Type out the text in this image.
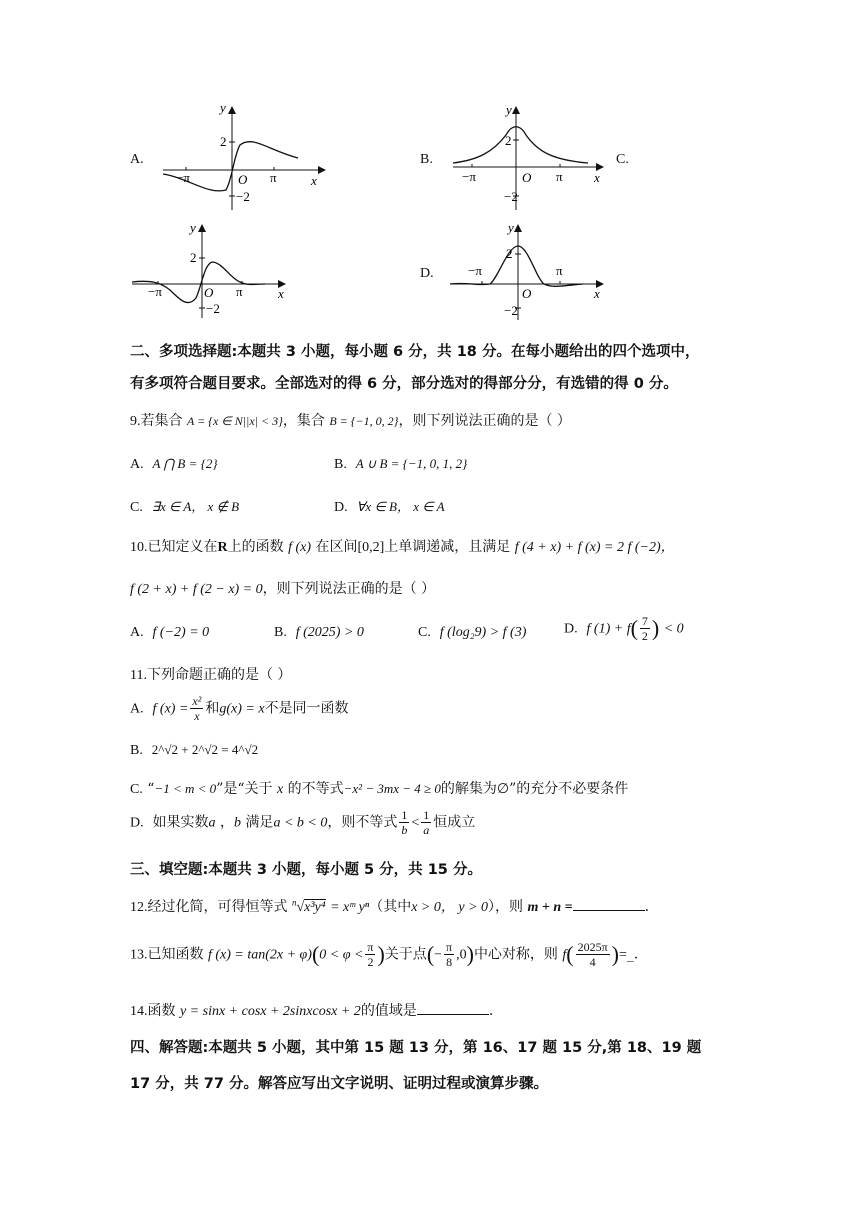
A.
y
x
O
2
−2
−π	π
B.
y
x
O
2
−2
−π	π
C.
y
x
O
2
−2
−π	π
D.
y
x
O
2
−2
−π	π
二、多项选择题:本题共 3 小题，每小题 6 分，共 18 分。在每小题给出的四个选项中，
有多项符合题目要求。全部选对的得 6 分，部分选对的得部分分，有选错的得 0 分。
9.若集合 A = {x ∈ N||x| < 3}，集合 B = {−1, 0, 2}，则下列说法正确的是（ ）
A. A ⋂ B = {2}	B. A ∪ B = {−1, 0, 1, 2}
C. ∃x ∈ A， x ∉ B	D. ∀x ∈ B， x ∈ A
10.已知定义在R上的函数 f (x) 在区间[0,2]上单调递减，且满足 f (4 + x) + f (x) = 2 f (−2)，
f (2 + x) + f (2 − x) = 0，则下列说法正确的是（ ）
A. f (−2) = 0	B. f (2025) > 0	C. f (log₂9) > f (3)	D. f $(1) + f( \frac{7}{2}$ ) < 0
11.下列命题正确的是（ ）
A. f $(x) = \frac{\text{x²}}{x}$ 和g(x) = x不是同一函数
B. 2^√2 + 2^√2 = 4^√2
C. “−1 < m < 0”是“关于 x 的不等式−x² − 3mx − 4 ≥ 0的解集为∅”的充分不必要条件
D. 如果实数a ，b 满足a < b < 0，则不等式 $\frac{1}{b} < \frac{1}{a}$ 恒成立
三、填空题:本题共 3 小题，每小题 5 分，共 15 分。
12.经过化简，可得恒等式 $^n$√x³y⁴ = xᵐ yⁿ（其中x > 0， y > 0），则 m + n =	.
13.已知函数 f $(x) = \tan(2x + \varphi)(0 < \varphi < \frac{\pi}{2}$ )关于点(− $\frac{\pi}{8} ,0$)中心对称，则 $f( \frac{2025\pi}{4}$ )=_.
14.函数 y = sinx + cosx + 2sinxcosx + 2的值域是	.
四、解答题:本题共 5 小题，其中第 15 题 13 分，第 16、17 题 15 分,第 18、19 题
17 分，共 77 分。解答应写出文字说明、证明过程或演算步骤。
